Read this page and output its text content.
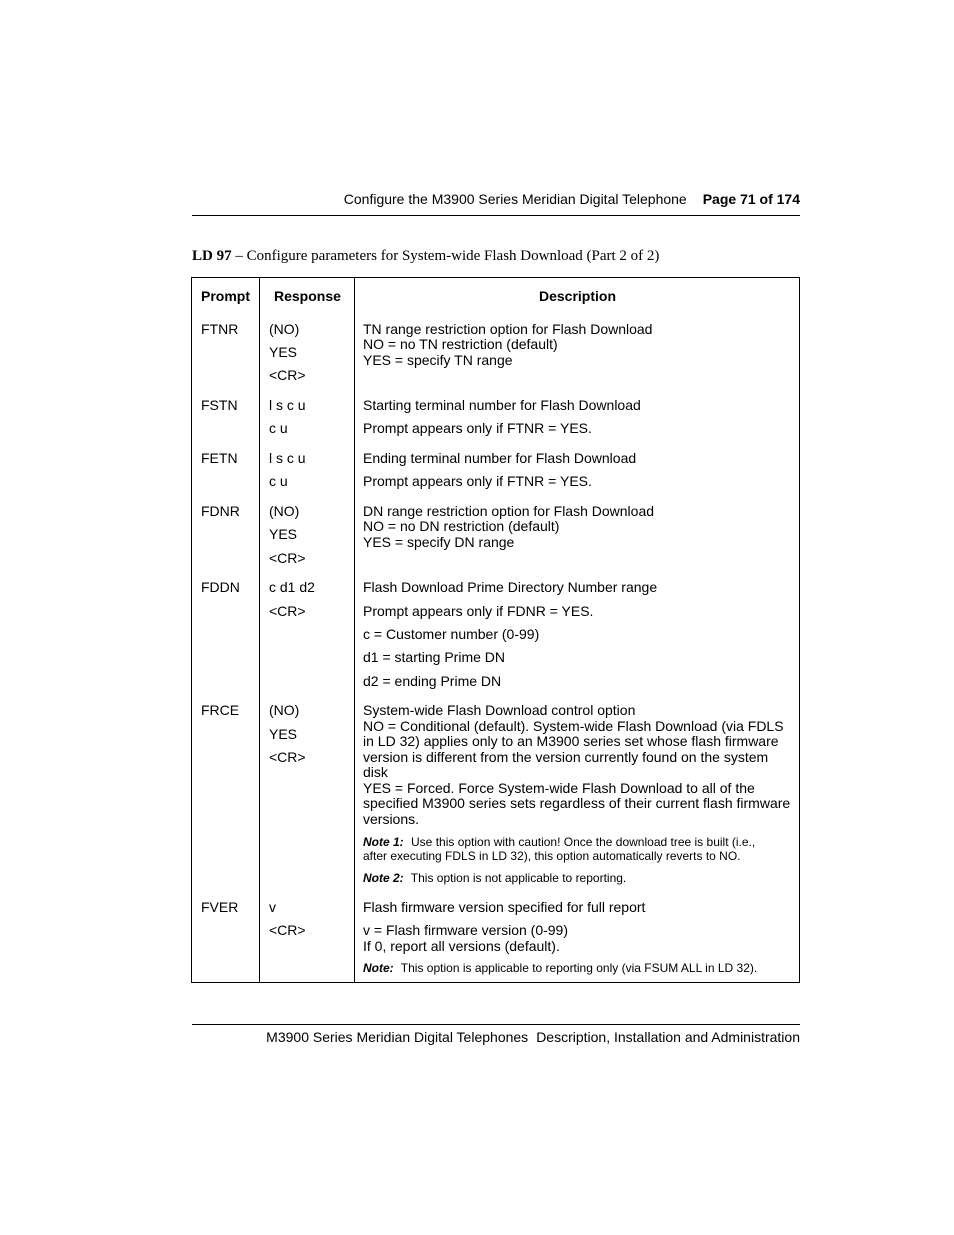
Configure the M3900 Series Meridian Digital Telephone Page 71 of 174
LD 97 – Configure parameters for System-wide Flash Download (Part 2 of 2)
Prompt Response	Description
FTNR (NO)
YES
<CR>
TN range restriction option for Flash Download
NO = no TN restriction (default)
YES = specify TN range
FSTN l s c u
c u
Starting terminal number for Flash Download
Prompt appears only if FTNR = YES.
FETN l s c u
c u
Ending terminal number for Flash Download
Prompt appears only if FTNR = YES.
FDNR (NO)
YES
<CR>
DN range restriction option for Flash Download
NO = no DN restriction (default)
YES = specify DN range
FDDN c d1 d2
<CR>
Flash Download Prime Directory Number range
Prompt appears only if FDNR = YES.
c = Customer number (0-99)
d1 = starting Prime DN
d2 = ending Prime DN
FRCE (NO)
YES
<CR>
System-wide Flash Download control option
NO = Conditional (default). System-wide Flash Download (via FDLS
in LD 32) applies only to an M3900 series set whose flash firmware
version is different from the version currently found on the system
disk
YES = Forced. Force System-wide Flash Download to all of the
specified M3900 series sets regardless of their current flash firmware
versions.
Note 1: Use this option with caution! Once the download tree is built (i.e.,
after executing FDLS in LD 32), this option automatically reverts to NO.
Note 2: This option is not applicable to reporting.
FVER v
<CR>
Flash firmware version specified for full report
v = Flash firmware version (0-99)
If 0, report all versions (default).
Note: This option is applicable to reporting only (via FSUM ALL in LD 32).
M3900 Series Meridian Digital Telephones Description, Installation and Administration
